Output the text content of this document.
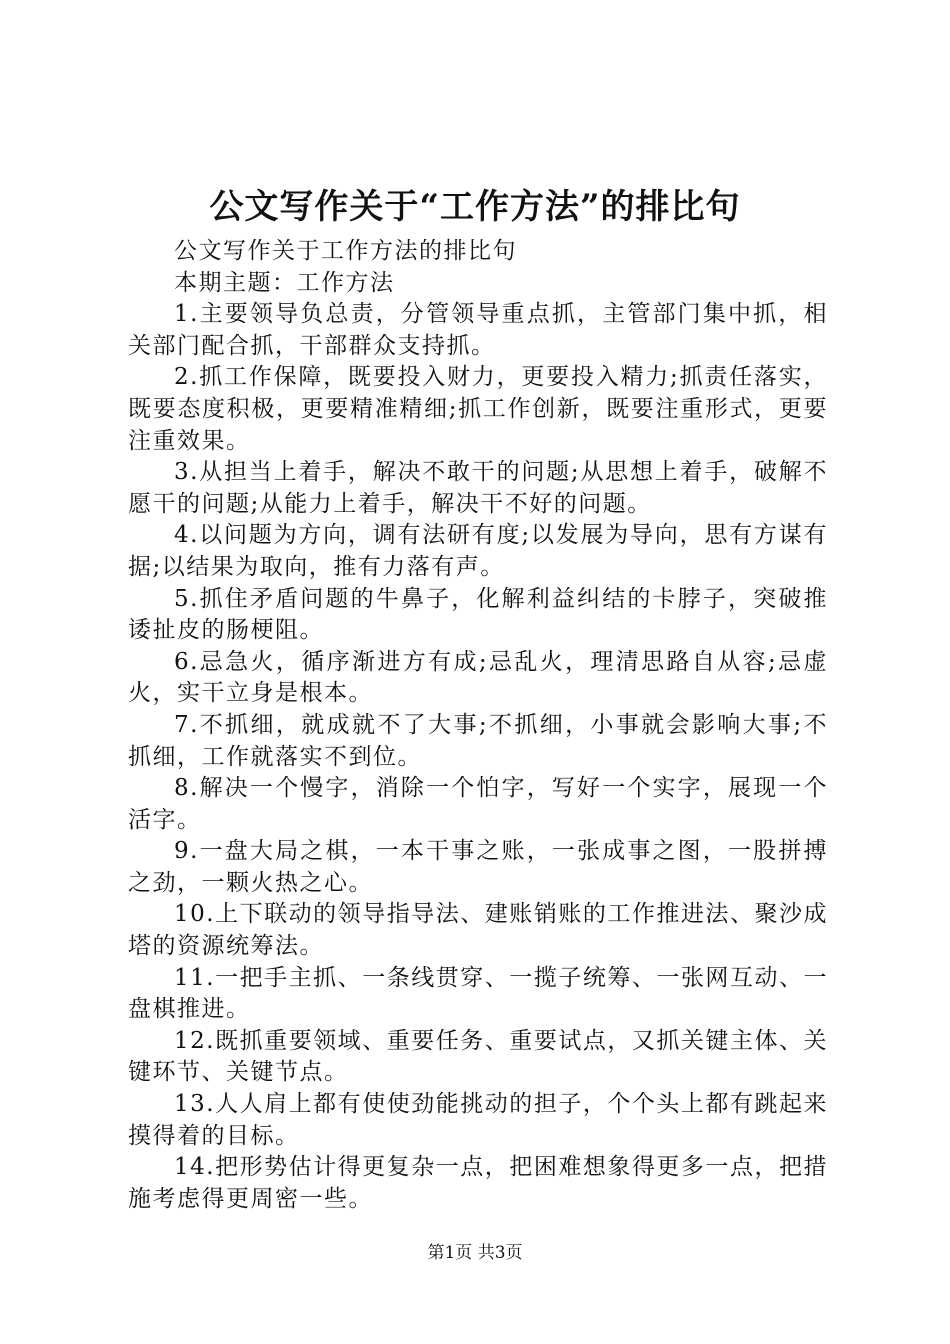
公文写作关于“工作方法”的排比句

公文写作关于工作方法的排比句

本期主题：工作方法

1.主要领导负总责，分管领导重点抓，主管部门集中抓，相关部门配合抓，干部群众支持抓。

2.抓工作保障，既要投入财力，更要投入精力;抓责任落实，既要态度积极，更要精准精细;抓工作创新，既要注重形式，更要注重效果。

3.从担当上着手，解决不敢干的问题;从思想上着手，破解不愿干的问题;从能力上着手，解决干不好的问题。

4.以问题为方向，调有法研有度;以发展为导向，思有方谋有据;以结果为取向，推有力落有声。

5.抓住矛盾问题的牛鼻子，化解利益纠结的卡脖子，突破推诿扯皮的肠梗阻。

6.忌急火，循序渐进方有成;忌乱火，理清思路自从容;忌虚火，实干立身是根本。

7.不抓细，就成就不了大事;不抓细，小事就会影响大事;不抓细，工作就落实不到位。

8.解决一个慢字，消除一个怕字，写好一个实字，展现一个活字。

9.一盘大局之棋，一本干事之账，一张成事之图，一股拼搏之劲，一颗火热之心。

10.上下联动的领导指导法、建账销账的工作推进法、聚沙成塔的资源统筹法。

11.一把手主抓、一条线贯穿、一揽子统筹、一张网互动、一盘棋推进。

12.既抓重要领域、重要任务、重要试点，又抓关键主体、关键环节、关键节点。

13.人人肩上都有使使劲能挑动的担子，个个头上都有跳起来摸得着的目标。

14.把形势估计得更复杂一点，把困难想象得更多一点，把措施考虑得更周密一些。

第1页 共3页
